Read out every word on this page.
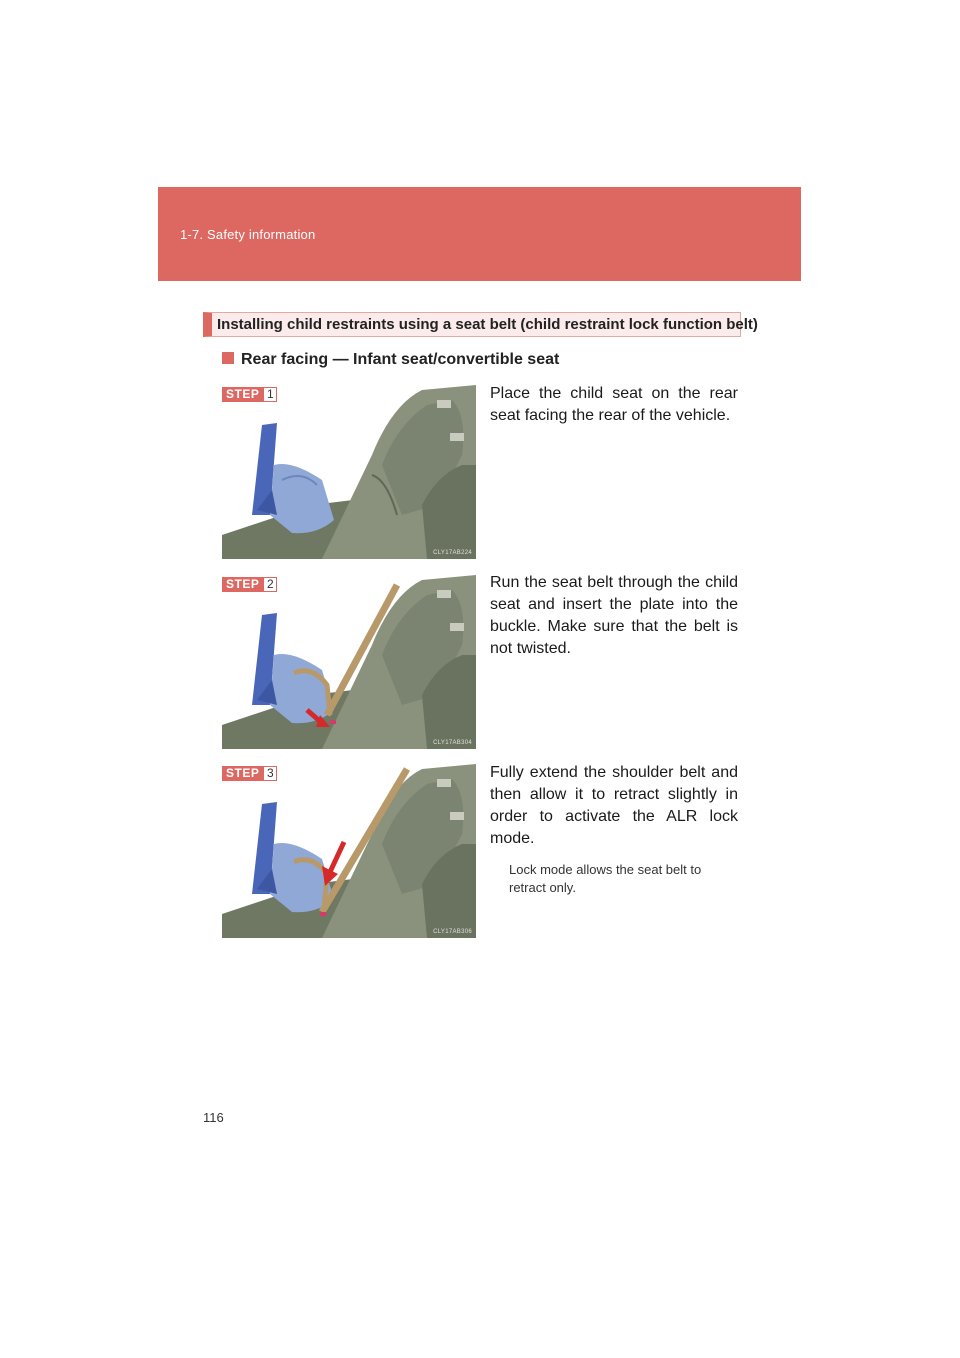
1-7. Safety information
Installing child restraints using a seat belt (child restraint lock function belt)
Rear facing — Infant seat/convertible seat
STEP 1
CLY17AB224
STEP 2
CLY17AB304
STEP 3
CLY17AB306
Place the child seat on the rear seat facing the rear of the vehicle.
Run the seat belt through the child seat and insert the plate into the buckle. Make sure that the belt is not twisted.
Fully extend the shoulder belt and then allow it to retract slightly in order to activate the ALR lock mode.
Lock mode allows the seat belt to retract only.
116
